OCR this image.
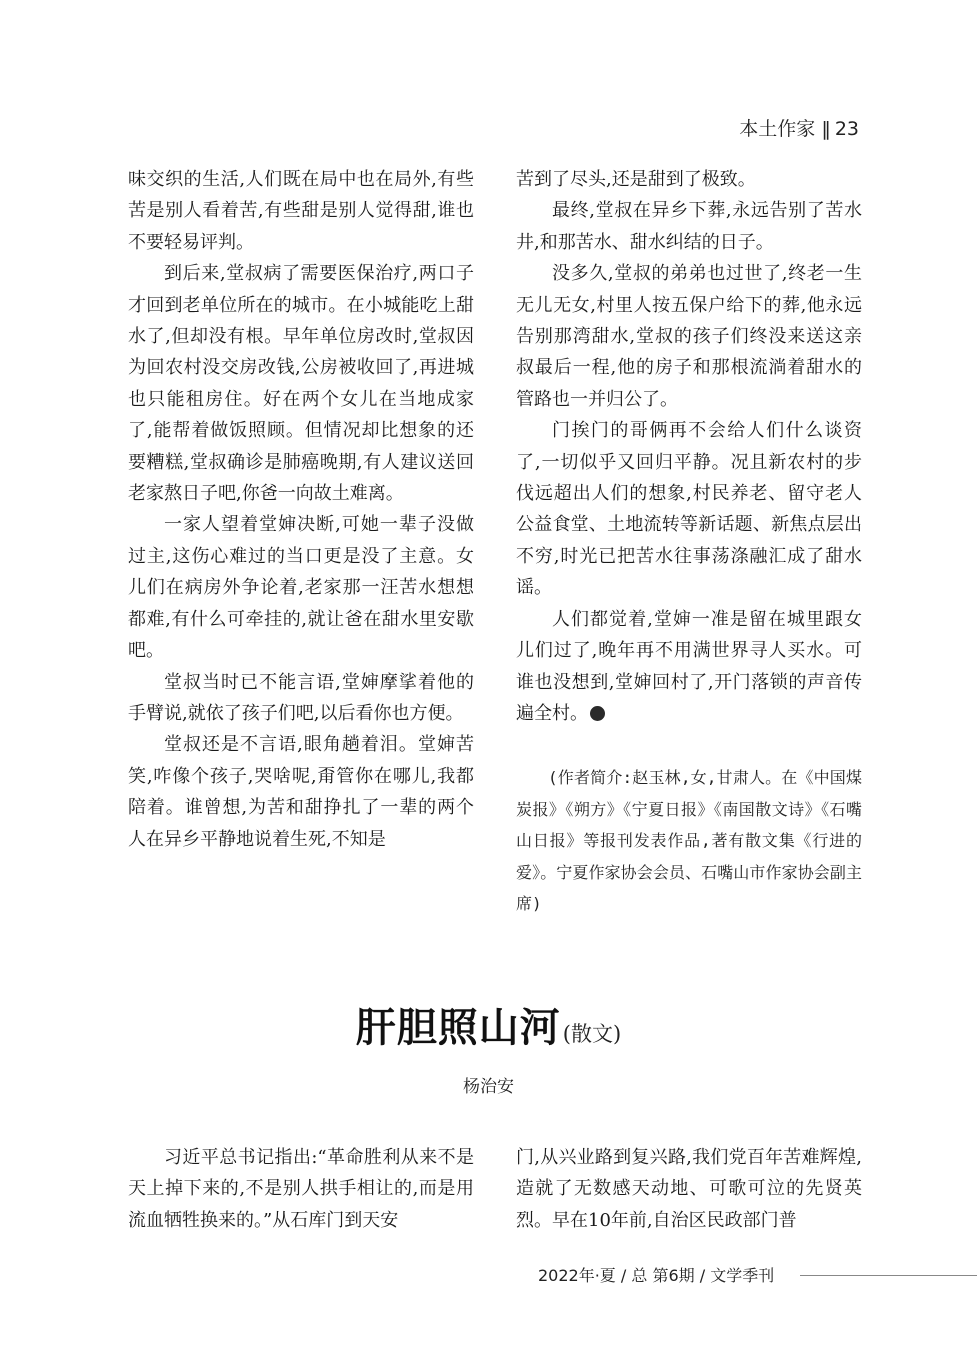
本土作家 ‖ 23

味交织的生活,人们既在局中也在局外,有些苦是别人看着苦,有些甜是别人觉得甜,谁也不要轻易评判。

到后来,堂叔病了需要医保治疗,两口子才回到老单位所在的城市。在小城能吃上甜水了,但却没有根。早年单位房改时,堂叔因为回农村没交房改钱,公房被收回了,再进城也只能租房住。好在两个女儿在当地成家了,能帮着做饭照顾。但情况却比想象的还要糟糕,堂叔确诊是肺癌晚期,有人建议送回老家熬日子吧,你爸一向故土难离。

一家人望着堂婶决断,可她一辈子没做过主,这伤心难过的当口更是没了主意。女儿们在病房外争论着,老家那一汪苦水想想都难,有什么可牵挂的,就让爸在甜水里安歇吧。

堂叔当时已不能言语,堂婶摩挲着他的手臂说,就依了孩子们吧,以后看你也方便。

堂叔还是不言语,眼角趟着泪。堂婶苦笑,咋像个孩子,哭啥呢,甭管你在哪儿,我都陪着。谁曾想,为苦和甜挣扎了一辈的两个人在异乡平静地说着生死,不知是

苦到了尽头,还是甜到了极致。

最终,堂叔在异乡下葬,永远告别了苦水井,和那苦水、甜水纠结的日子。

没多久,堂叔的弟弟也过世了,终老一生无儿无女,村里人按五保户给下的葬,他永远告别那湾甜水,堂叔的孩子们终没来送这亲叔最后一程,他的房子和那根流淌着甜水的管路也一并归公了。

门挨门的哥俩再不会给人们什么谈资了,一切似乎又回归平静。况且新农村的步伐远超出人们的想象,村民养老、留守老人公益食堂、土地流转等新话题、新焦点层出不穷,时光已把苦水往事荡涤融汇成了甜水谣。

人们都觉着,堂婶一准是留在城里跟女儿们过了,晚年再不用满世界寻人买水。可谁也没想到,堂婶回村了,开门落锁的声音传遍全村。

(作者简介:赵玉林,女,甘肃人。在《中国煤炭报》《朔方》《宁夏日报》《南国散文诗》《石嘴山日报》等报刊发表作品,著有散文集《行进的爱》。宁夏作家协会会员、石嘴山市作家协会副主席)

肝胆照山河(散文)
杨治安

习近平总书记指出:“革命胜利从来不是天上掉下来的,不是别人拱手相让的,而是用流血牺牲换来的。”从石库门到天安

门,从兴业路到复兴路,我们党百年苦难辉煌,造就了无数感天动地、可歌可泣的先贤英烈。早在10年前,自治区民政部门普

2022年·夏 / 总 第6期 / 文学季刊
